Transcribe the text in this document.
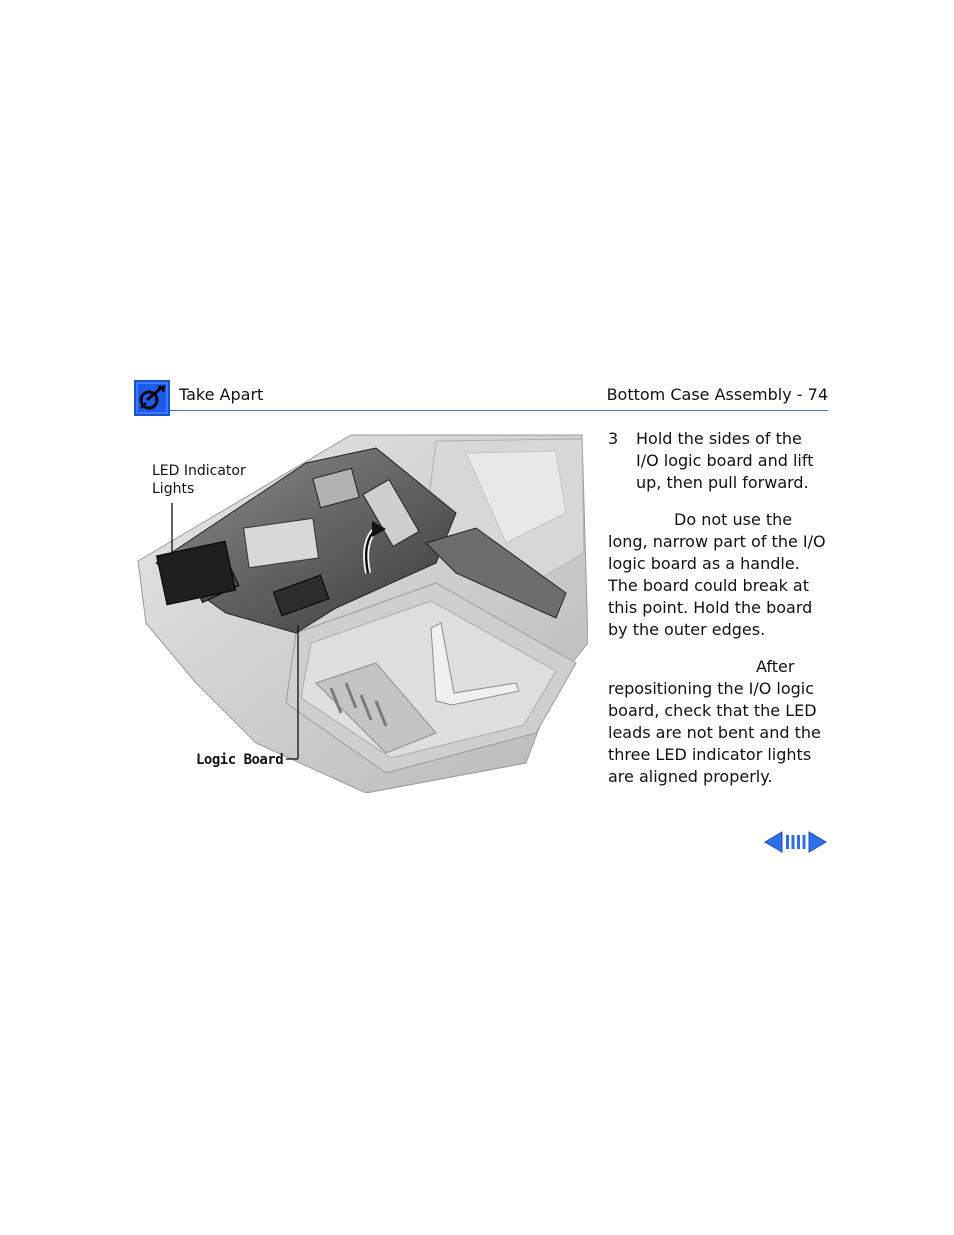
Take Apart	Bottom Case Assembly - 74
LED Indicator
Lights
Logic Board
3	Hold the sides of the I/O logic board and lift up, then pull forward.

Do not use the long, narrow part of the I/O logic board as a handle. The board could break at this point. Hold the board by the outer edges.

After repositioning the I/O logic board, check that the LED leads are not bent and the three LED indicator lights are aligned properly.
